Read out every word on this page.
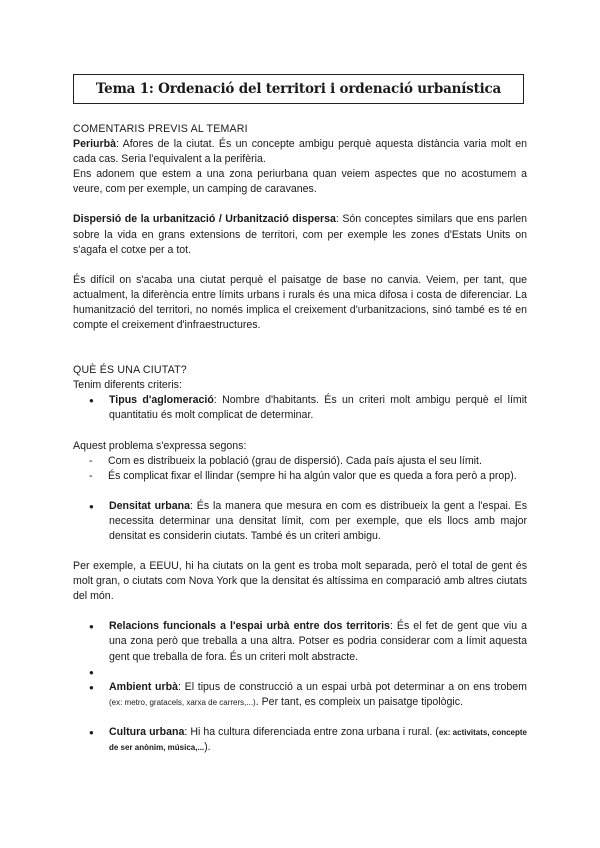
Tema 1: Ordenació del territori i ordenació urbanística

COMENTARIS PREVIS AL TEMARI

Periurbà: Afores de la ciutat. És un concepte ambigu perquè aquesta distància varia molt en cada cas. Seria l'equivalent a la perifèria.

Ens adonem que estem a una zona periurbana quan veiem aspectes que no acostumem a veure, com per exemple, un camping de caravanes.

Dispersió de la urbanització / Urbanització dispersa: Són conceptes similars que ens parlen sobre la vida en grans extensions de territori, com per exemple les zones d'Estats Units on s'agafa el cotxe per a tot.

És difícil on s'acaba una ciutat perquè el paisatge de base no canvia. Veiem, per tant, que actualment, la diferència entre límits urbans i rurals és una mica difosa i costa de diferenciar. La humanització del territori, no només implica el creixement d'urbanitzacions, sinó també es té en compte el creixement d'infraestructures.

QUÈ ÉS UNA CIUTAT?

Tenim diferents criteris:

● Tipus d'aglomeració: Nombre d'habitants. És un criteri molt ambigu perquè el límit quantitatiu és molt complicat de determinar.

Aquest problema s'expressa segons:

- Com es distribueix la població (grau de dispersió). Cada país ajusta el seu límit.
- És complicat fixar el llindar (sempre hi ha algún valor que es queda a fora però a prop).
● Densitat urbana: És la manera que mesura en com es distribueix la gent a l'espai. Es necessita determinar una densitat límit, com per exemple, que els llocs amb major densitat es considerin ciutats. També és un criteri ambigu.

Per exemple, a EEUU, hi ha ciutats on la gent es troba molt separada, però el total de gent és molt gran, o ciutats com Nova York que la densitat és altíssima en comparació amb altres ciutats del món.

● Relacions funcionals a l'espai urbà entre dos territoris: És el fet de gent que viu a una zona però que treballa a una altra. Potser es podria considerar com a límit aquesta gent que treballa de fora. És un criteri molt abstracte.
●
● Ambient urbà: El tipus de construcció a un espai urbà pot determinar a on ens trobem (ex: metro, gratacels, xarxa de carrers,...). Per tant, es compleix un paisatge tipològic.
● Cultura urbana: Hi ha cultura diferenciada entre zona urbana i rural. (ex: activitats, concepte de ser anònim, música,...).
